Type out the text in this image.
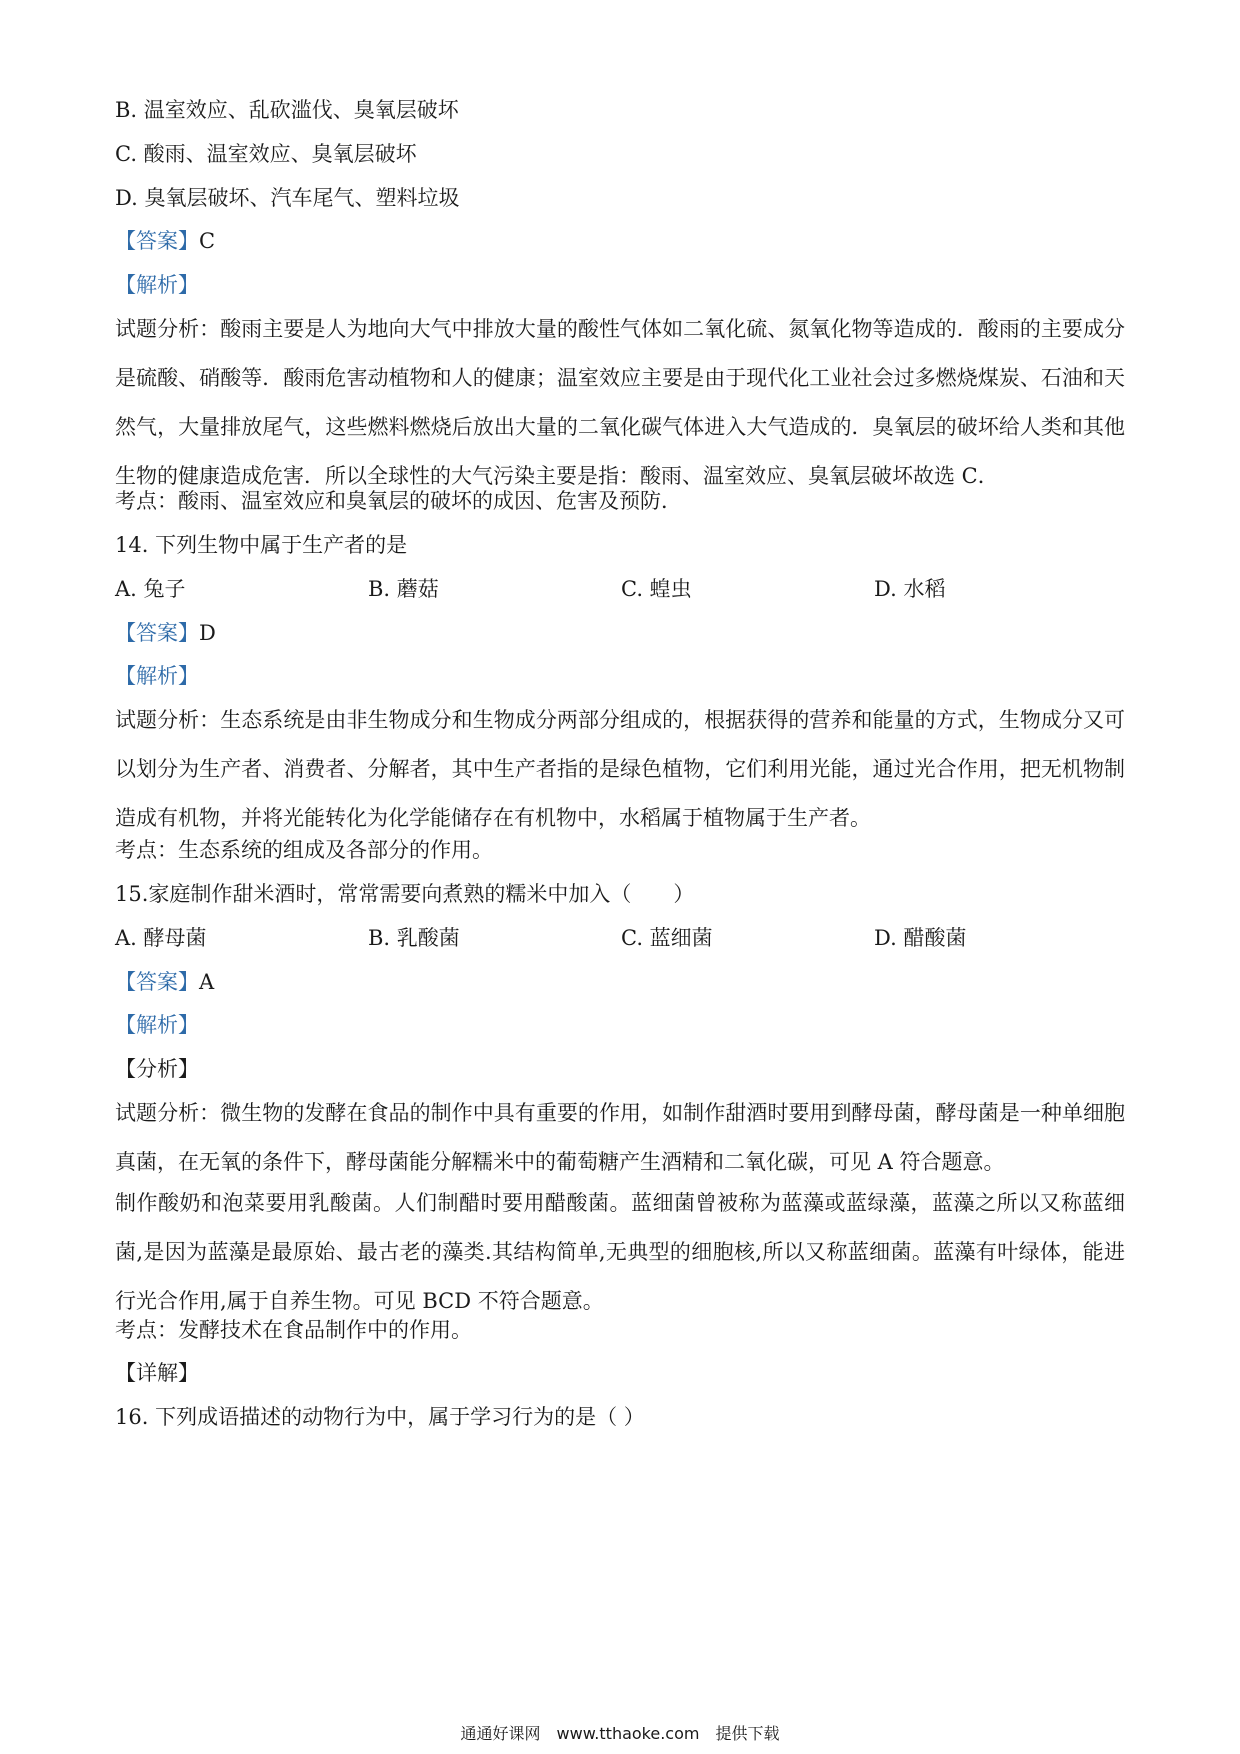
B. 温室效应、乱砍滥伐、臭氧层破坏
C. 酸雨、温室效应、臭氧层破坏
D. 臭氧层破坏、汽车尾气、塑料垃圾
【答案】C
【解析】
试题分析：酸雨主要是人为地向大气中排放大量的酸性气体如二氧化硫、氮氧化物等造成的．酸雨的主要成分是硫酸、硝酸等．酸雨危害动植物和人的健康；温室效应主要是由于现代化工业社会过多燃烧煤炭、石油和天然气，大量排放尾气，这些燃料燃烧后放出大量的二氧化碳气体进入大气造成的．臭氧层的破坏给人类和其他生物的健康造成危害．所以全球性的大气污染主要是指：酸雨、温室效应、臭氧层破坏故选 C．
考点：酸雨、温室效应和臭氧层的破坏的成因、危害及预防．
14. 下列生物中属于生产者的是
A. 兔子	B. 蘑菇	C. 蝗虫	D. 水稻
【答案】D
【解析】
试题分析：生态系统是由非生物成分和生物成分两部分组成的，根据获得的营养和能量的方式，生物成分又可以划分为生产者、消费者、分解者，其中生产者指的是绿色植物，它们利用光能，通过光合作用，把无机物制造成有机物，并将光能转化为化学能储存在有机物中，水稻属于植物属于生产者。
考点：生态系统的组成及各部分的作用。
15.家庭制作甜米酒时，常常需要向煮熟的糯米中加入（　　）
A. 酵母菌	B. 乳酸菌	C. 蓝细菌	D. 醋酸菌
【答案】A
【解析】
【分析】
试题分析：微生物的发酵在食品的制作中具有重要的作用，如制作甜酒时要用到酵母菌，酵母菌是一种单细胞真菌，在无氧的条件下，酵母菌能分解糯米中的葡萄糖产生酒精和二氧化碳，可见 A 符合题意。
制作酸奶和泡菜要用乳酸菌。人们制醋时要用醋酸菌。蓝细菌曾被称为蓝藻或蓝绿藻，蓝藻之所以又称蓝细菌,是因为蓝藻是最原始、最古老的藻类.其结构简单,无典型的细胞核,所以又称蓝细菌。蓝藻有叶绿体，能进行光合作用,属于自养生物。可见 BCD 不符合题意。
考点：发酵技术在食品制作中的作用。
【详解】
16. 下列成语描述的动物行为中，属于学习行为的是（ ）
通通好课网　www.tthaoke.com　提供下载
